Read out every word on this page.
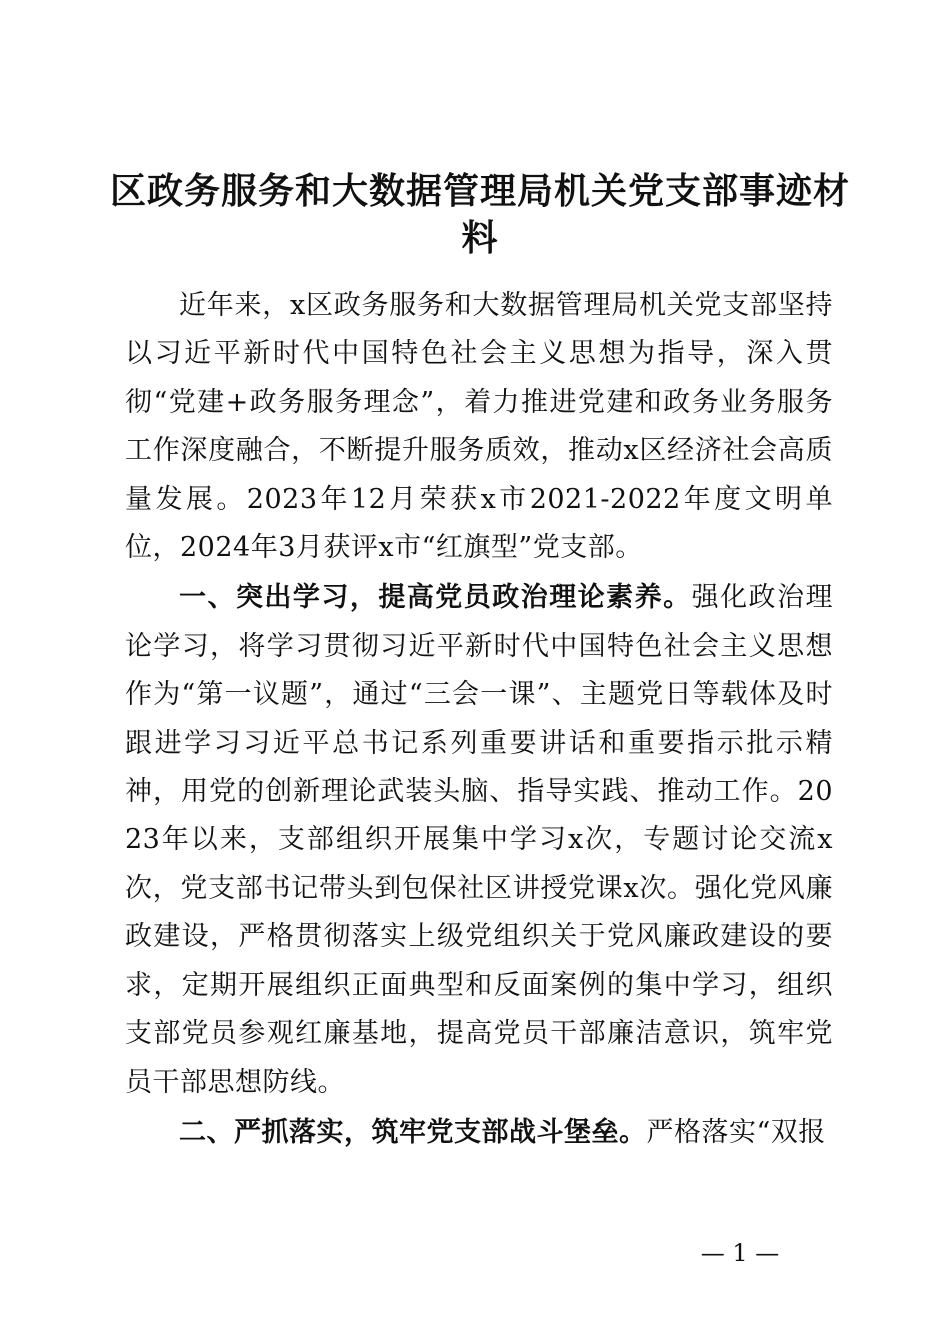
区政务服务和大数据管理局机关党支部事迹材料

近年来，x区政务服务和大数据管理局机关党支部坚持以习近平新时代中国特色社会主义思想为指导，深入贯彻“党建+政务服务理念”，着力推进党建和政务业务服务工作深度融合，不断提升服务质效，推动x区经济社会高质量发展。2023年12月荣获x市2021-2022年度文明单位，2024年3月获评x市“红旗型”党支部。

一、突出学习，提高党员政治理论素养。强化政治理论学习，将学习贯彻习近平新时代中国特色社会主义思想作为“第一议题”，通过“三会一课”、主题党日等载体及时跟进学习习近平总书记系列重要讲话和重要指示批示精神，用党的创新理论武装头脑、指导实践、推动工作。2023年以来，支部组织开展集中学习x次，专题讨论交流x次，党支部书记带头到包保社区讲授党课x次。强化党风廉政建设，严格贯彻落实上级党组织关于党风廉政建设的要求，定期开展组织正面典型和反面案例的集中学习，组织支部党员参观红廉基地，提高党员干部廉洁意识，筑牢党员干部思想防线。

二、严抓落实，筑牢党支部战斗堡垒。严格落实“双报

— 1 —
